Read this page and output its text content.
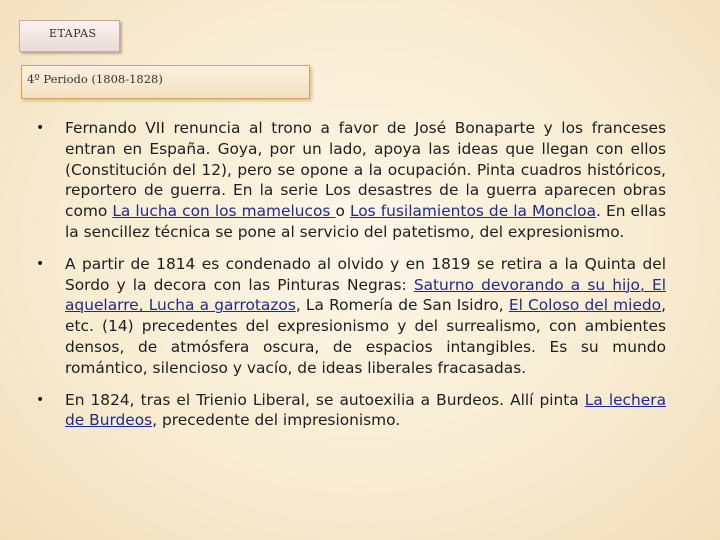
ETAPAS
4º Periodo (1808-1828)
• Fernando VII renuncia al trono a favor de José Bonaparte y los franceses entran en España. Goya, por un lado, apoya las ideas que llegan con ellos (Constitución del 12), pero se opone a la ocupación. Pinta cuadros históricos, reportero de guerra. En la serie Los desastres de la guerra aparecen obras como La lucha con los mamelucos o Los fusilamientos de la Moncloa. En ellas la sencillez técnica se pone al servicio del patetismo, del expresionismo.
• A partir de 1814 es condenado al olvido y en 1819 se retira a la Quinta del Sordo y la decora con las Pinturas Negras: Saturno devorando a su hijo, El aquelarre, Lucha a garrotazos, La Romería de San Isidro, El Coloso del miedo, etc. (14) precedentes del expresionismo y del surrealismo, con ambientes densos, de atmósfera oscura, de espacios intangibles. Es su mundo romántico, silencioso y vacío, de ideas liberales fracasadas.
• En 1824, tras el Trienio Liberal, se autoexilia a Burdeos. Allí pinta La lechera de Burdeos, precedente del impresionismo.
